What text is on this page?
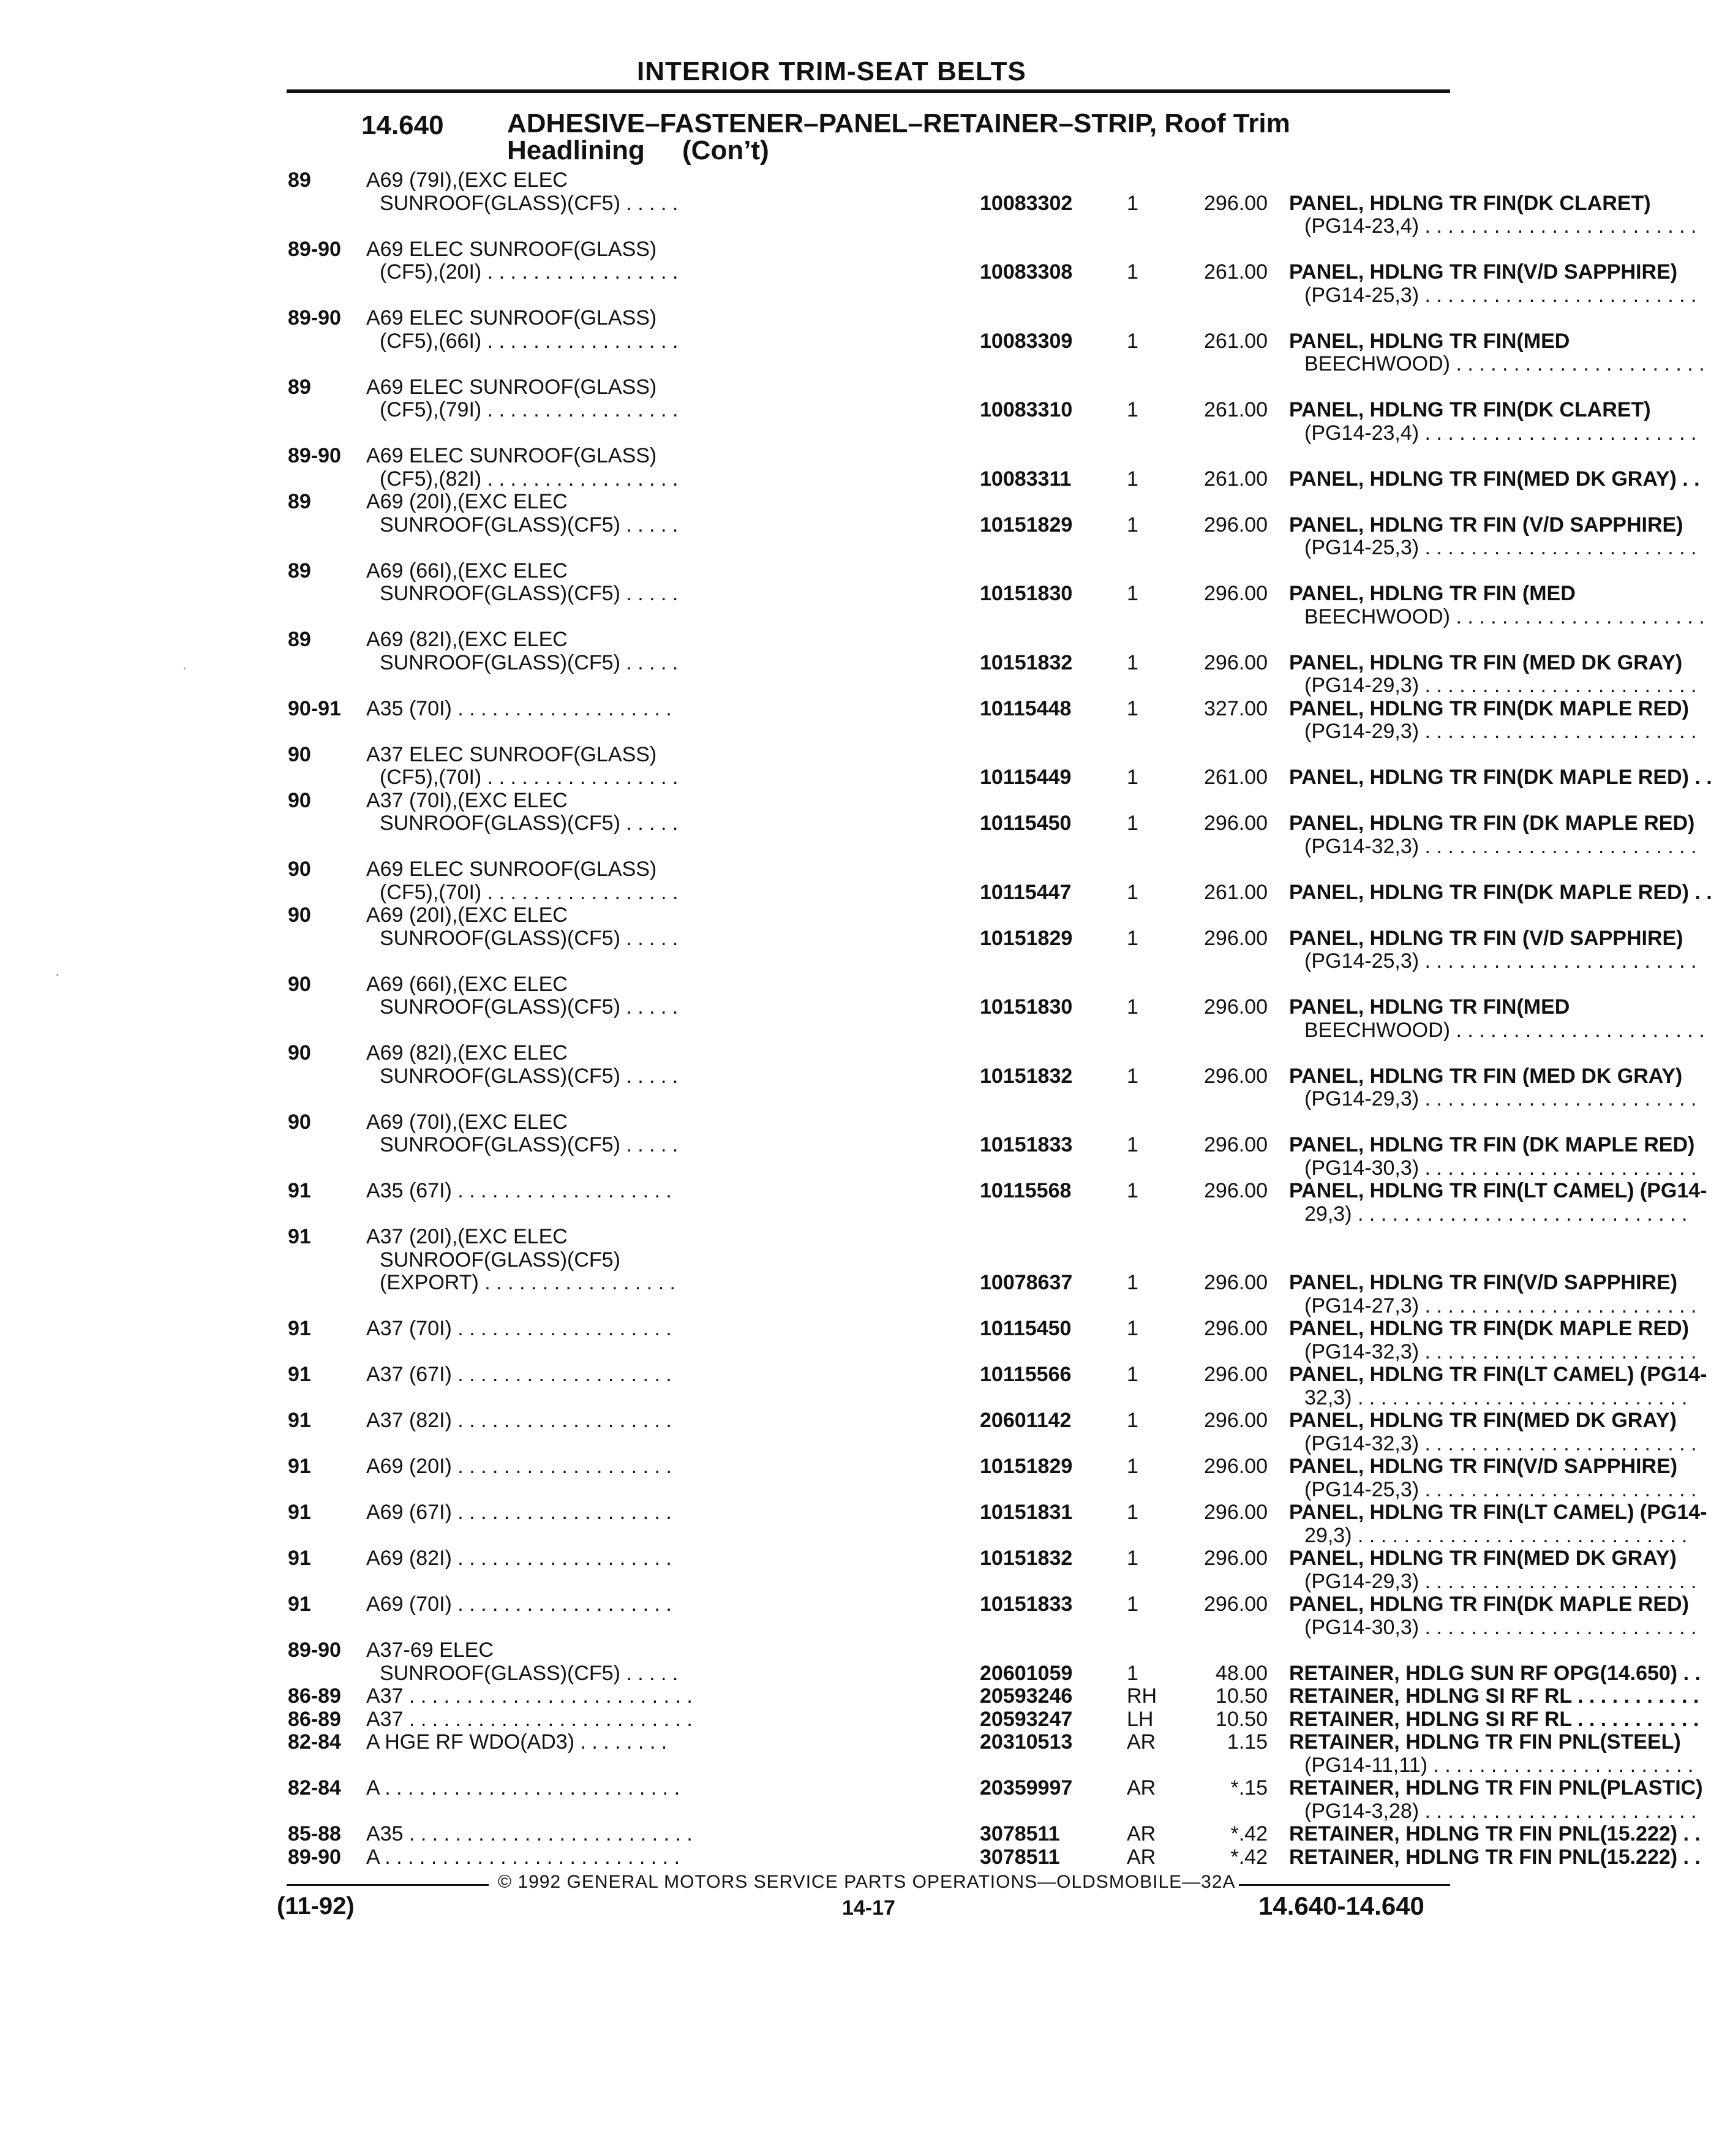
INTERIOR TRIM-SEAT BELTS
14.640 ADHESIVE–FASTENER–PANEL–RETAINER–STRIP, Roof Trim
Headlining     (Con’t)
89	A69 (79I),(EXC ELEC
SUNROOF(GLASS)(CF5) . . . . .	10083302	1	296.00 PANEL, HDLNG TR FIN(DK CLARET)
(PG14-23,4) . . . . . . . . . . . . . . . . . . . . . . . .
89-90 A69 ELEC SUNROOF(GLASS)
(CF5),(20I) . . . . . . . . . . . . . . . . .	10083308	1	261.00 PANEL, HDLNG TR FIN(V/D SAPPHIRE)
(PG14-25,3) . . . . . . . . . . . . . . . . . . . . . . . .
89-90 A69 ELEC SUNROOF(GLASS)
(CF5),(66I) . . . . . . . . . . . . . . . . .	10083309	1	261.00 PANEL, HDLNG TR FIN(MED
BEECHWOOD) . . . . . . . . . . . . . . . . . . . . . .
89	A69 ELEC SUNROOF(GLASS)
(CF5),(79I) . . . . . . . . . . . . . . . . .	10083310	1	261.00 PANEL, HDLNG TR FIN(DK CLARET)
(PG14-23,4) . . . . . . . . . . . . . . . . . . . . . . . .
89-90 A69 ELEC SUNROOF(GLASS)
(CF5),(82I) . . . . . . . . . . . . . . . . .	10083311	1	261.00 PANEL, HDLNG TR FIN(MED DK GRAY) . .
89	A69 (20I),(EXC ELEC
SUNROOF(GLASS)(CF5) . . . . .	10151829	1	296.00 PANEL, HDLNG TR FIN (V/D SAPPHIRE)
(PG14-25,3) . . . . . . . . . . . . . . . . . . . . . . . .
89	A69 (66I),(EXC ELEC
SUNROOF(GLASS)(CF5) . . . . .	10151830	1	296.00 PANEL, HDLNG TR FIN (MED
BEECHWOOD) . . . . . . . . . . . . . . . . . . . . . .
89	A69 (82I),(EXC ELEC
SUNROOF(GLASS)(CF5) . . . . .	10151832	1	296.00 PANEL, HDLNG TR FIN (MED DK GRAY)
(PG14-29,3) . . . . . . . . . . . . . . . . . . . . . . . .
90-91 A35 (70I) . . . . . . . . . . . . . . . . . . .	10115448	1	327.00 PANEL, HDLNG TR FIN(DK MAPLE RED)
(PG14-29,3) . . . . . . . . . . . . . . . . . . . . . . . .
90	A37 ELEC SUNROOF(GLASS)
(CF5),(70I) . . . . . . . . . . . . . . . . .	10115449	1	261.00 PANEL, HDLNG TR FIN(DK MAPLE RED) . .
90	A37 (70I),(EXC ELEC
SUNROOF(GLASS)(CF5) . . . . .	10115450	1	296.00 PANEL, HDLNG TR FIN (DK MAPLE RED)
(PG14-32,3) . . . . . . . . . . . . . . . . . . . . . . . .
90	A69 ELEC SUNROOF(GLASS)
(CF5),(70I) . . . . . . . . . . . . . . . . .	10115447	1	261.00 PANEL, HDLNG TR FIN(DK MAPLE RED) . .
90	A69 (20I),(EXC ELEC
SUNROOF(GLASS)(CF5) . . . . .	10151829	1	296.00 PANEL, HDLNG TR FIN (V/D SAPPHIRE)
(PG14-25,3) . . . . . . . . . . . . . . . . . . . . . . . .
90	A69 (66I),(EXC ELEC
SUNROOF(GLASS)(CF5) . . . . .	10151830	1	296.00 PANEL, HDLNG TR FIN(MED
BEECHWOOD) . . . . . . . . . . . . . . . . . . . . . .
90	A69 (82I),(EXC ELEC
SUNROOF(GLASS)(CF5) . . . . .	10151832	1	296.00 PANEL, HDLNG TR FIN (MED DK GRAY)
(PG14-29,3) . . . . . . . . . . . . . . . . . . . . . . . .
90	A69 (70I),(EXC ELEC
SUNROOF(GLASS)(CF5) . . . . .	10151833	1	296.00 PANEL, HDLNG TR FIN (DK MAPLE RED)
(PG14-30,3) . . . . . . . . . . . . . . . . . . . . . . . .
91	A35 (67I) . . . . . . . . . . . . . . . . . . .	10115568	1	296.00 PANEL, HDLNG TR FIN(LT CAMEL) (PG14-
29,3) . . . . . . . . . . . . . . . . . . . . . . . . . . . . .
91	A37 (20I),(EXC ELEC
SUNROOF(GLASS)(CF5)
(EXPORT) . . . . . . . . . . . . . . . . .	10078637	1	296.00 PANEL, HDLNG TR FIN(V/D SAPPHIRE)
(PG14-27,3) . . . . . . . . . . . . . . . . . . . . . . . .
91	A37 (70I) . . . . . . . . . . . . . . . . . . .	10115450	1	296.00 PANEL, HDLNG TR FIN(DK MAPLE RED)
(PG14-32,3) . . . . . . . . . . . . . . . . . . . . . . . .
91	A37 (67I) . . . . . . . . . . . . . . . . . . .	10115566	1	296.00 PANEL, HDLNG TR FIN(LT CAMEL) (PG14-
32,3) . . . . . . . . . . . . . . . . . . . . . . . . . . . . .
91	A37 (82I) . . . . . . . . . . . . . . . . . . .	20601142	1	296.00 PANEL, HDLNG TR FIN(MED DK GRAY)
(PG14-32,3) . . . . . . . . . . . . . . . . . . . . . . . .
91	A69 (20I) . . . . . . . . . . . . . . . . . . .	10151829	1	296.00 PANEL, HDLNG TR FIN(V/D SAPPHIRE)
(PG14-25,3) . . . . . . . . . . . . . . . . . . . . . . . .
91	A69 (67I) . . . . . . . . . . . . . . . . . . .	10151831	1	296.00 PANEL, HDLNG TR FIN(LT CAMEL) (PG14-
29,3) . . . . . . . . . . . . . . . . . . . . . . . . . . . . .
91	A69 (82I) . . . . . . . . . . . . . . . . . . .	10151832	1	296.00 PANEL, HDLNG TR FIN(MED DK GRAY)
(PG14-29,3) . . . . . . . . . . . . . . . . . . . . . . . .
91	A69 (70I) . . . . . . . . . . . . . . . . . . .	10151833	1	296.00 PANEL, HDLNG TR FIN(DK MAPLE RED)
(PG14-30,3) . . . . . . . . . . . . . . . . . . . . . . . .
89-90 A37-69 ELEC
SUNROOF(GLASS)(CF5) . . . . .	20601059	1	48.00 RETAINER, HDLG SUN RF OPG(14.650) . .
86-89 A37 . . . . . . . . . . . . . . . . . . . . . . . . .	20593246	RH	10.50 RETAINER, HDLNG SI RF RL . . . . . . . . . . .
86-89 A37 . . . . . . . . . . . . . . . . . . . . . . . . .	20593247	LH	10.50 RETAINER, HDLNG SI RF RL . . . . . . . . . . .
82-84 A HGE RF WDO(AD3) . . . . . . . .	20310513	AR	1.15 RETAINER, HDLNG TR FIN PNL(STEEL)
(PG14-11,11) . . . . . . . . . . . . . . . . . . . . . . .
82-84 A . . . . . . . . . . . . . . . . . . . . . . . . . .	20359997	AR	*.15 RETAINER, HDLNG TR FIN PNL(PLASTIC)
(PG14-3,28) . . . . . . . . . . . . . . . . . . . . . . . .
85-88 A35 . . . . . . . . . . . . . . . . . . . . . . . . .	3078511	AR	*.42 RETAINER, HDLNG TR FIN PNL(15.222) . .
89-90 A . . . . . . . . . . . . . . . . . . . . . . . . . .	3078511	AR	*.42 RETAINER, HDLNG TR FIN PNL(15.222) . .
© 1992 GENERAL MOTORS SERVICE PARTS OPERATIONS—OLDSMOBILE—32A
(11-92)	14-17	14.640-14.640
